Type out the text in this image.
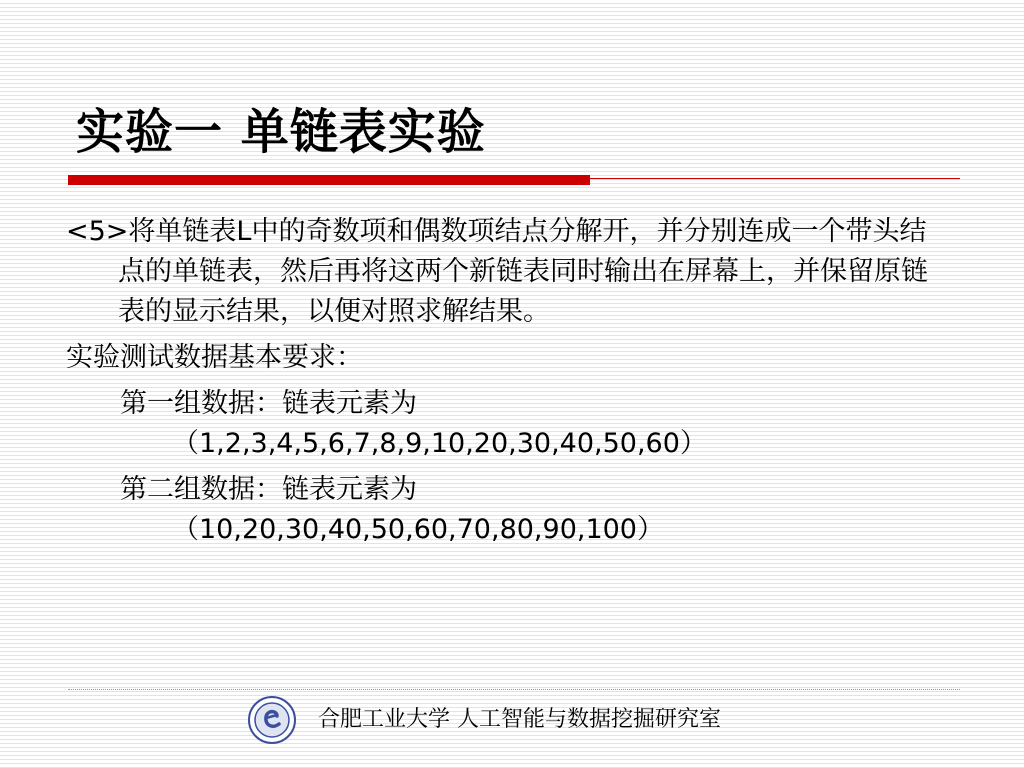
实验一 单链表实验

<5>将单链表L中的奇数项和偶数项结点分解开，并分别连成一个带头结点的单链表，然后再将这两个新链表同时输出在屏幕上，并保留原链表的显示结果，以便对照求解结果。

实验测试数据基本要求：
第一组数据：链表元素为
（1,2,3,4,5,6,7,8,9,10,20,30,40,50,60）
第二组数据：链表元素为
（10,20,30,40,50,60,70,80,90,100）
合肥工业大学 人工智能与数据挖掘研究室
